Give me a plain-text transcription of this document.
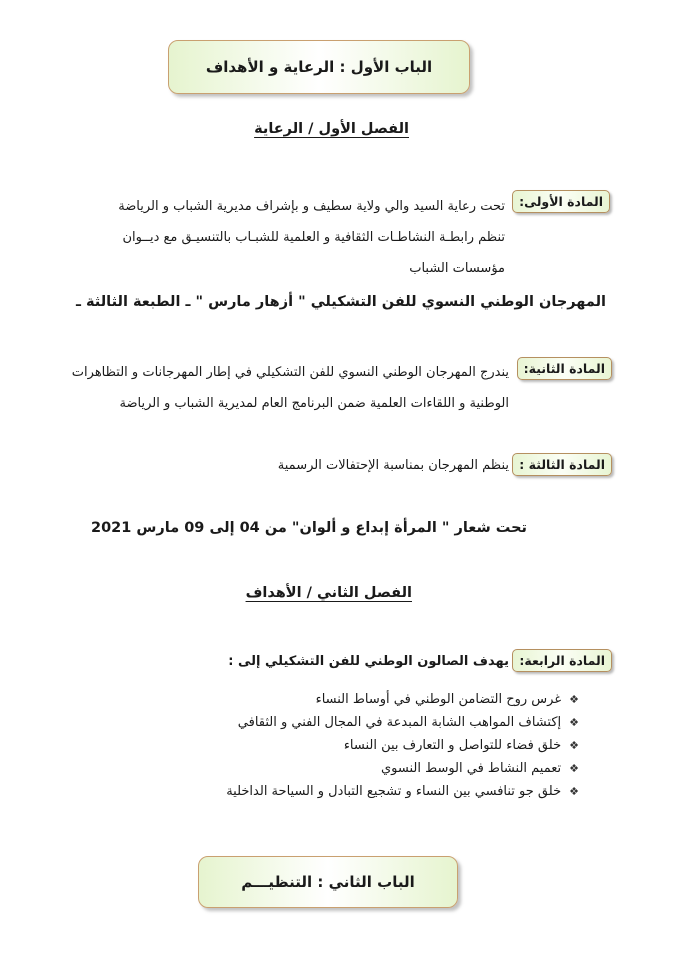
الباب الأول : الرعاية و الأهداف
الفصل الأول / الرعاية
المادة الأولى:
تحت رعاية السيد والي ولاية سطيف و بإشراف مديرية الشباب و الرياضة
تنظم رابطـة النشاطـات الثقافية و العلمية للشبـاب بالتنسيـق مع ديــوان
مؤسسات الشباب
المهرجان الوطني النسوي للفن التشكيلي " أزهار مارس " ـ الطبعة الثالثة ـ
المادة الثانية:
يندرج المهرجان الوطني النسوي للفن التشكيلي في إطار المهرجانات و التظاهرات
الوطنية و اللقاءات العلمية ضمن البرنامج العام لمديرية الشباب و الرياضة
المادة الثالثة :
ينظم المهرجان بمناسبة الإحتفالات الرسمية
تحت شعار " المرأة إبداع و ألوان" من 04 إلى 09 مارس 2021
الفصل الثاني / الأهداف
المادة الرابعة:
يهدف الصالون الوطني للفن التشكيلي إلى :
❖
غرس روح التضامن الوطني في أوساط النساء
❖
إكتشاف المواهب الشابة المبدعة في المجال الفني و الثقافي
❖
خلق فضاء للتواصل و التعارف بين النساء
❖
تعميم النشاط في الوسط النسوي
❖
خلق جو تنافسي بين النساء و تشجيع التبادل و السياحة الداخلية
الباب الثاني : التنظيـــم
